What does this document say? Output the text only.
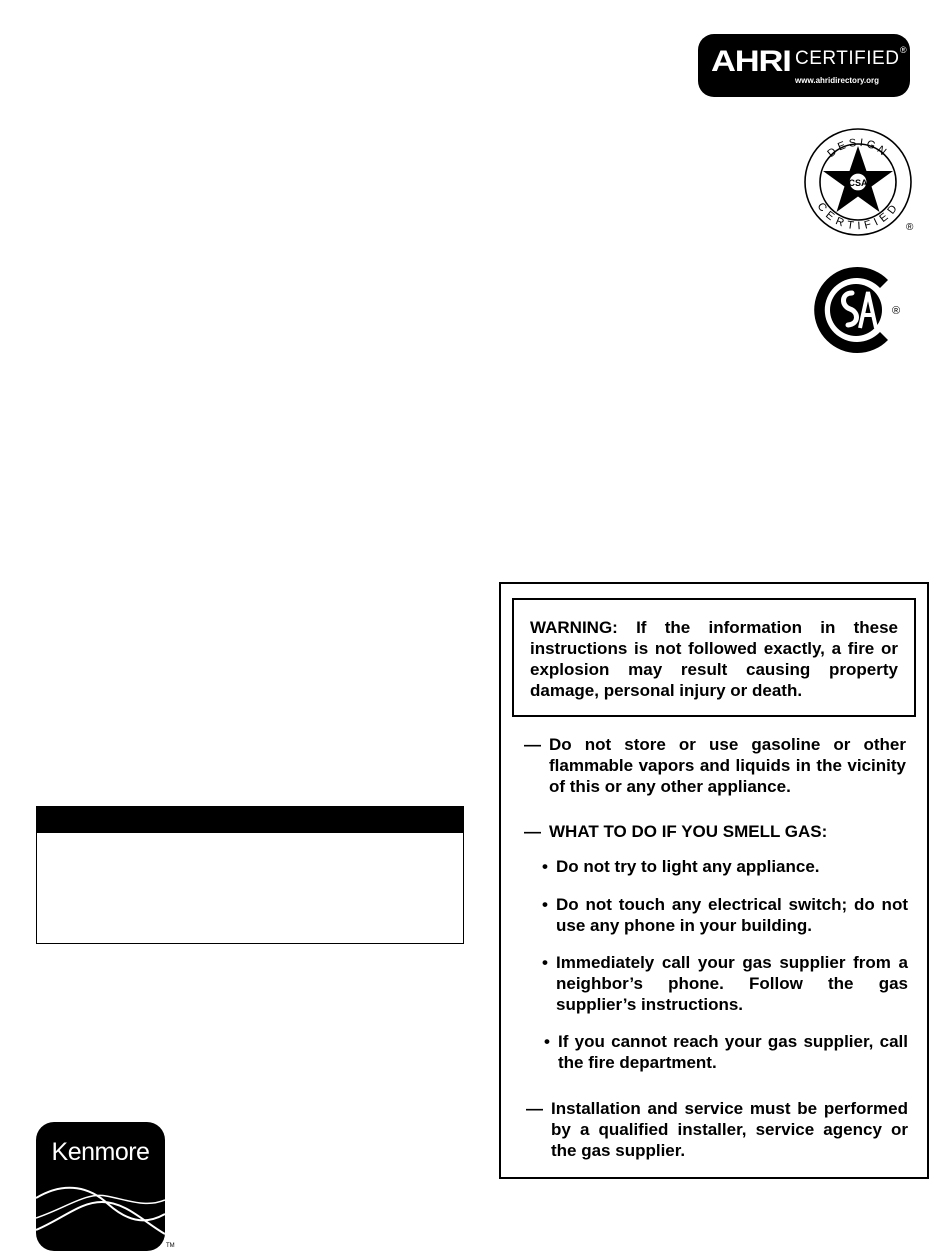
AHRI CERTIFIED ®
www.ahridirectory.org
CSA
DESIGN
CERTIFIED
®
®
Kenmore
TM
WARNING: If the information in these instructions is not followed exactly, a fire or explosion may result causing property damage, personal injury or death.
— Do not store or use gasoline or other flammable vapors and liquids in the vicinity of this or any other appliance.
— WHAT TO DO IF YOU SMELL GAS:
• Do not try to light any appliance.
• Do not touch any electrical switch; do not use any phone in your building.
• Immediately call your gas supplier from a neighbor’s phone. Follow the gas supplier’s instructions.
• If you cannot reach your gas supplier, call the fire department.
— Installation and service must be performed by a qualified installer, service agency or the gas supplier.
